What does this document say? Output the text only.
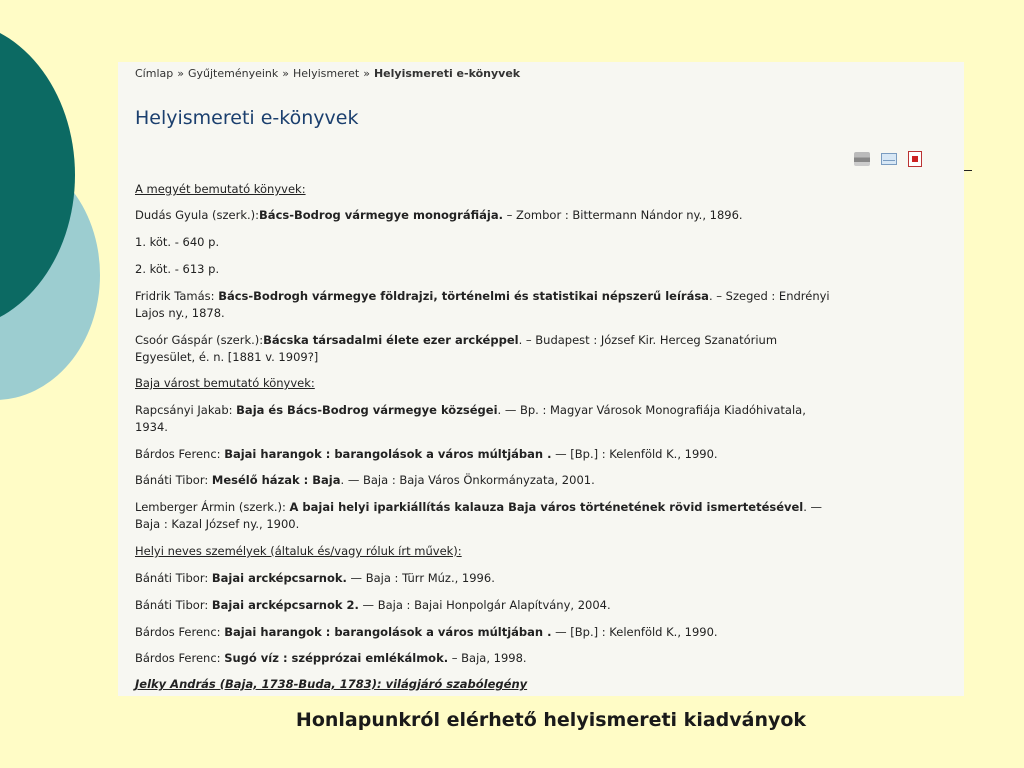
Címlap » Gyűjteményeink » Helyismeret » Helyismereti e-könyvek
Helyismereti e-könyvek

A megyét bemutató könyvek:

Dudás Gyula (szerk.):Bács-Bodrog vármegye monográfiája. – Zombor : Bittermann Nándor ny., 1896.

1. köt. - 640 p.

2. köt. - 613 p.

Fridrik Tamás: Bács-Bodrogh vármegye földrajzi, történelmi és statistikai népszerű leírása. – Szeged : Endrényi
Lajos ny., 1878.

Csoór Gáspár (szerk.):Bácska társadalmi élete ezer arcképpel. – Budapest : József Kir. Herceg Szanatórium
Egyesület, é. n. [1881 v. 1909?]

Baja várost bemutató könyvek:

Rapcsányi Jakab: Baja és Bács-Bodrog vármegye községei. — Bp. : Magyar Városok Monografiája Kiadóhivatala,
1934.

Bárdos Ferenc: Bajai harangok : barangolások a város múltjában . — [Bp.] : Kelenföld K., 1990.

Bánáti Tibor: Mesélő házak : Baja. — Baja : Baja Város Önkormányzata, 2001.

Lemberger Ármin (szerk.): A bajai helyi iparkiállítás kalauza Baja város történetének rövid ismertetésével. —
Baja : Kazal József ny., 1900.

Helyi neves személyek (általuk és/vagy róluk írt művek):

Bánáti Tibor: Bajai arcképcsarnok. — Baja : Türr Múz., 1996.

Bánáti Tibor: Bajai arcképcsarnok 2. — Baja : Bajai Honpolgár Alapítvány, 2004.

Bárdos Ferenc: Bajai harangok : barangolások a város múltjában . — [Bp.] : Kelenföld K., 1990.

Bárdos Ferenc: Sugó víz : szépprózai emlékálmok. – Baja, 1998.

Jelky András (Baja, 1738-Buda, 1783): világjáró szabólegény

Honlapunkról elérhető helyismereti kiadványok
